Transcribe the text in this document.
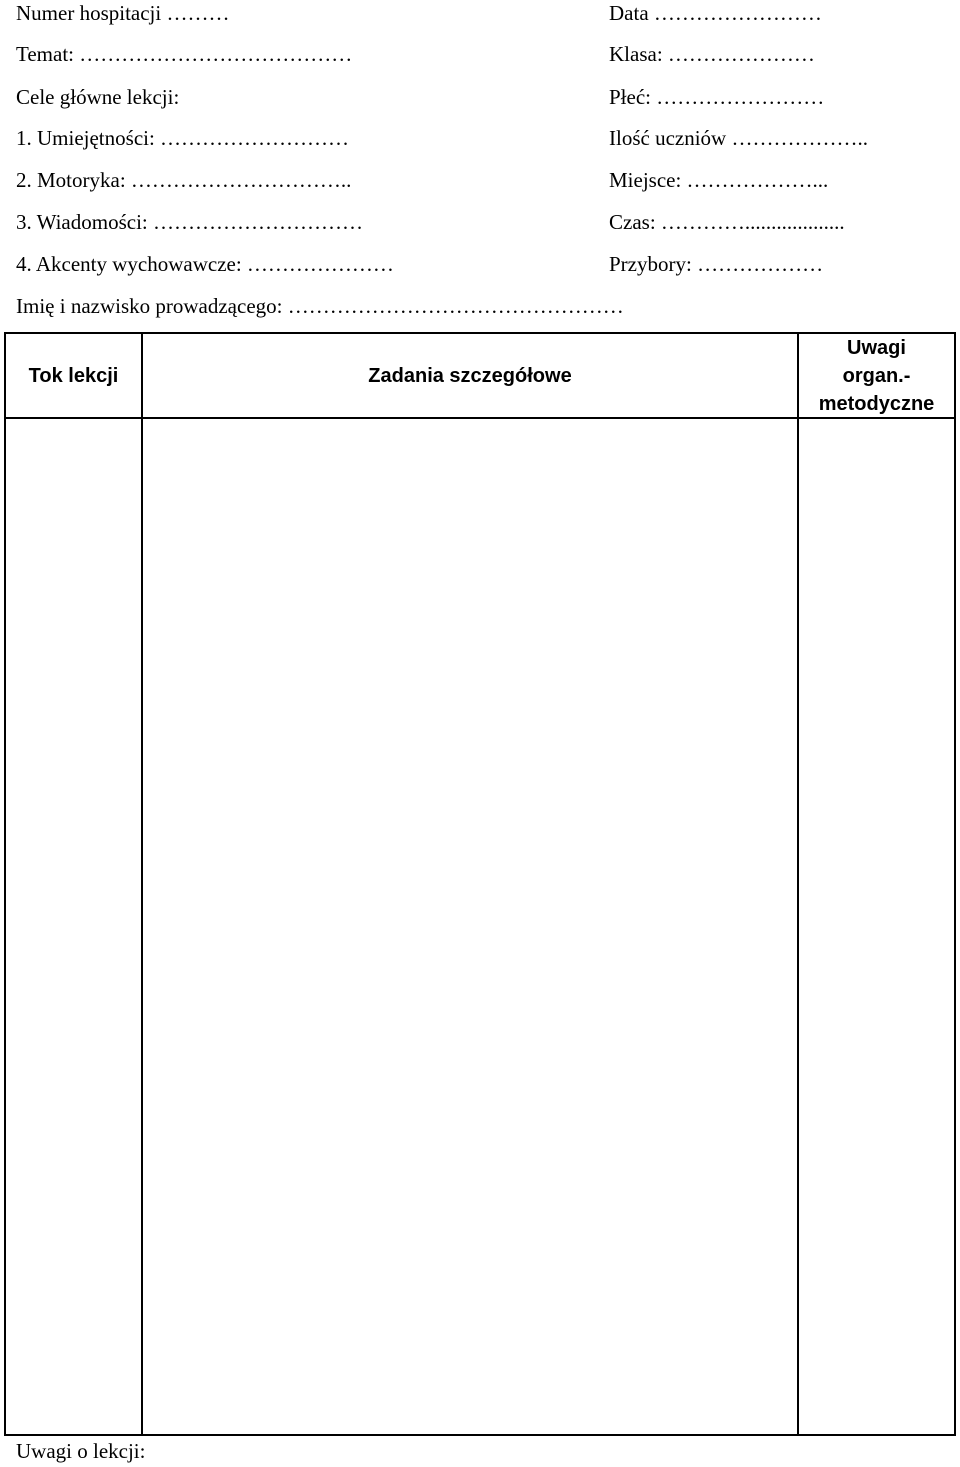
Numer hospitacji ………
Temat: …………………………………
Cele główne lekcji:
1. Umiejętności: ………………………
2. Motoryka: …………………………..
3. Wiadomości: …………………………
4. Akcenty wychowawcze: …………………
Data ……………………
Klasa: …………………
Płeć: ……………………
Ilość uczniów ………………..
Miejsce: ………………...
Czas: …………...................
Przybory: ………………
Imię i nazwisko prowadzącego: …………………………………………
Tok lekcji	Zadania szczegółowe
Uwagi
organ.-
metodyczne
Uwagi o lekcji:
